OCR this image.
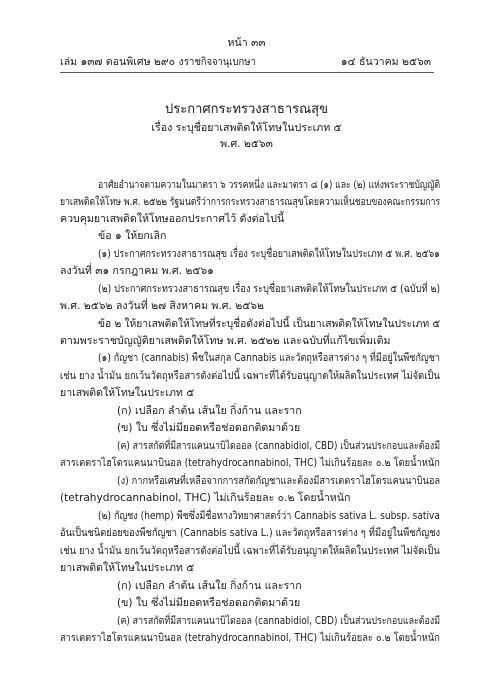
หน้า ๓๓
เล่ม ๑๓๗ ตอนพิเศษ ๒๙๐ ง ราชกิจจานุเบกษา	๑๔ ธันวาคม ๒๕๖๓
ประกาศกระทรวงสาธารณสุข
เรื่อง ระบุชื่อยาเสพติดให้โทษในประเภท ๕
พ.ศ. ๒๕๖๓
อาศัยอำนาจตามความในมาตรา ๖ วรรคหนึ่ง และมาตรา ๘ (๑) และ (๒) แห่งพระราชบัญญัติ
ยาเสพติดให้โทษ พ.ศ. ๒๕๒๒ รัฐมนตรีว่าการกระทรวงสาธารณสุขโดยความเห็นชอบของคณะกรรมการ
ควบคุมยาเสพติดให้โทษออกประกาศไว้ ดังต่อไปนี้
ข้อ ๑ ให้ยกเลิก
(๑) ประกาศกระทรวงสาธารณสุข เรื่อง ระบุชื่อยาเสพติดให้โทษในประเภท ๕ พ.ศ. ๒๕๖๑
ลงวันที่ ๓๑ กรกฎาคม พ.ศ. ๒๕๖๑
(๒) ประกาศกระทรวงสาธารณสุข เรื่อง ระบุชื่อยาเสพติดให้โทษในประเภท ๕ (ฉบับที่ ๒)
พ.ศ. ๒๕๖๒ ลงวันที่ ๒๗ สิงหาคม พ.ศ. ๒๕๖๒
ข้อ ๒ ให้ยาเสพติดให้โทษที่ระบุชื่อดังต่อไปนี้ เป็นยาเสพติดให้โทษในประเภท ๕
ตามพระราชบัญญัติยาเสพติดให้โทษ พ.ศ. ๒๕๒๒ และฉบับที่แก้ไขเพิ่มเติม
(๑) กัญชา (cannabis) พืชในสกุล Cannabis และวัตถุหรือสารต่าง ๆ ที่มีอยู่ในพืชกัญชา
เช่น ยาง น้ำมัน ยกเว้นวัตถุหรือสารดังต่อไปนี้ เฉพาะที่ได้รับอนุญาตให้ผลิตในประเทศ ไม่จัดเป็น
ยาเสพติดให้โทษในประเภท ๕
(ก) เปลือก ลำต้น เส้นใย กิ่งก้าน และราก
(ข) ใบ ซึ่งไม่มียอดหรือช่อดอกติดมาด้วย
(ค) สารสกัดที่มีสารแคนนาบิไดออล (cannabidiol, CBD) เป็นส่วนประกอบและต้องมี
สารเตตราไฮโดรแคนนาบินอล (tetrahydrocannabinol, THC) ไม่เกินร้อยละ ๐.๒ โดยน้ำหนัก
(ง) กากหรือเศษที่เหลือจากการสกัดกัญชาและต้องมีสารเตตราไฮโดรแคนนาบินอล
(tetrahydrocannabinol, THC) ไม่เกินร้อยละ ๐.๒ โดยน้ำหนัก
(๒) กัญชง (hemp) พืชซึ่งมีชื่อทางวิทยาศาสตร์ว่า Cannabis sativa L. subsp. sativa
อันเป็นชนิดย่อยของพืชกัญชา (Cannabis sativa L.) และวัตถุหรือสารต่าง ๆ ที่มีอยู่ในพืชกัญชง
เช่น ยาง น้ำมัน ยกเว้นวัตถุหรือสารดังต่อไปนี้ เฉพาะที่ได้รับอนุญาตให้ผลิตในประเทศ ไม่จัดเป็น
ยาเสพติดให้โทษในประเภท ๕
(ก) เปลือก ลำต้น เส้นใย กิ่งก้าน และราก
(ข) ใบ ซึ่งไม่มียอดหรือช่อดอกติดมาด้วย
(ค) สารสกัดที่มีสารแคนนาบิไดออล (cannabidiol, CBD) เป็นส่วนประกอบและต้องมี
สารเตตราไฮโดรแคนนาบินอล (tetrahydrocannabinol, THC) ไม่เกินร้อยละ ๐.๒ โดยน้ำหนัก
